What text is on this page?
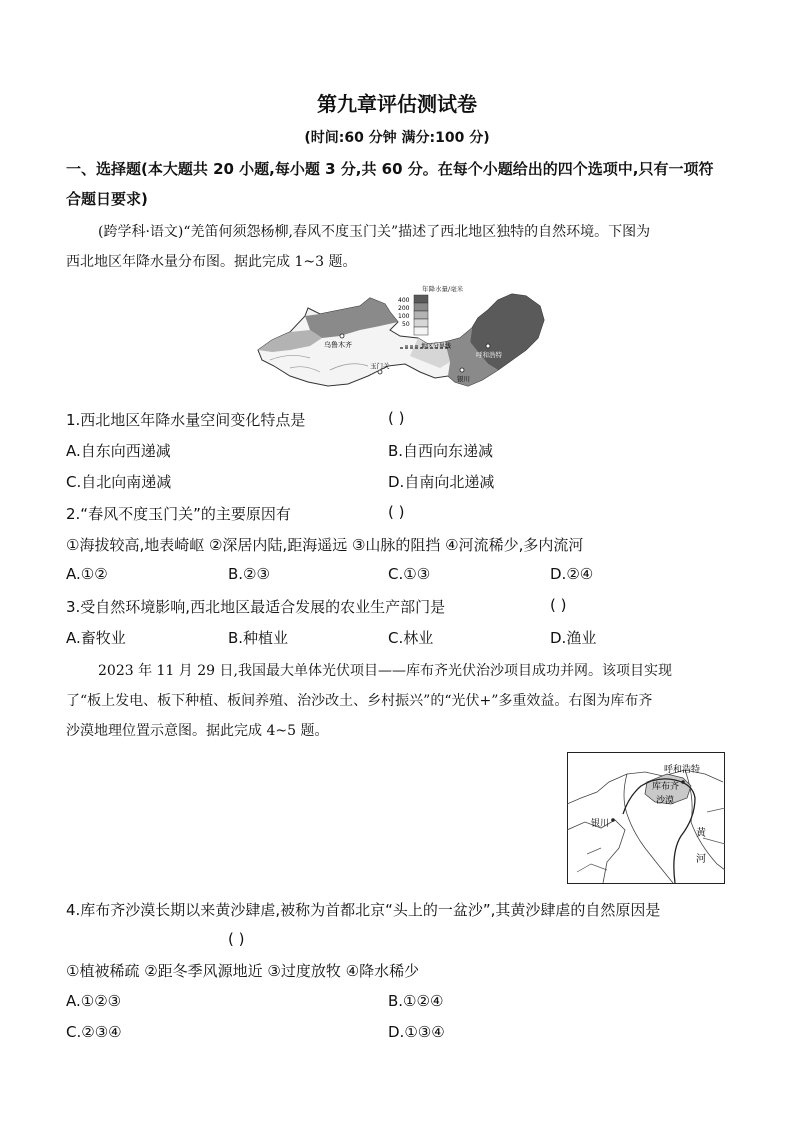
第九章评估测试卷
(时间:60 分钟 满分:100 分)
一、选择题(本大题共 20 小题,每小题 3 分,共 60 分。在每个小题给出的四个选项中,只有一项符
合题日要求)
(跨学科·语文)“羌笛何须怨杨柳,春风不度玉门关”描述了西北地区独特的自然环境。下图为
西北地区年降水量分布图。据此完成 1~3 题。
年降水量/毫米
400
200
100
50
地区分界线
乌鲁木齐
玉门关
呼和浩特
银川
1.西北地区年降水量空间变化特点是	( )
A.自东向西递减	B.自西向东递减
C.自北向南递减	D.自南向北递减
2.“春风不度玉门关”的主要原因有	( )
①海拔较高,地表崎岖 ②深居内陆,距海遥远 ③山脉的阻挡 ④河流稀少,多内流河
A.①②	B.②③	C.①③	D.②④
3.受自然环境影响,西北地区最适合发展的农业生产部门是	( )
A.畜牧业	B.种植业	C.林业	D.渔业
2023 年 11 月 29 日,我国最大单体光伏项目——库布齐光伏治沙项目成功并网。该项目实现
了“板上发电、板下种植、板间养殖、治沙改土、乡村振兴”的“光伏+”多重效益。右图为库布齐
沙漠地理位置示意图。据此完成 4~5 题。
呼和浩特
库布齐
沙漠
银川
黄
河
4.库布齐沙漠长期以来黄沙肆虐,被称为首都北京“头上的一盆沙”,其黄沙肆虐的自然原因是
( )
①植被稀疏 ②距冬季风源地近 ③过度放牧 ④降水稀少
A.①②③	B.①②④
C.②③④	D.①③④
